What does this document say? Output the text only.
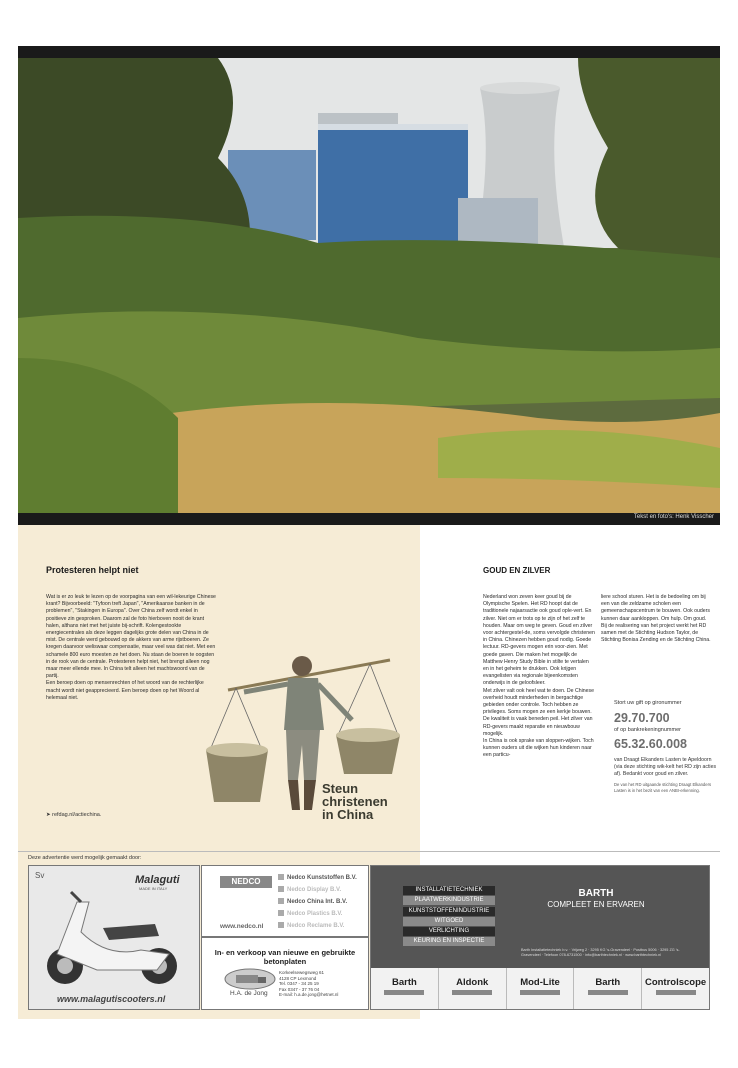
Tekst en foto's: Henk Visscher
Protesteren helpt niet

Wat is er zo leuk te lezen op de voorpagina van een wil-lekeurige Chinese krant? Bijvoorbeeld: "Tyfoon treft Japan", "Amerikaanse banken in de problemen", "Stakingen in Europa". Over China zelf wordt enkel in positieve zin gesproken. Daarom zal de foto hierboven nooit de krant halen, althans niet met het juiste bij-schrift. Kolengestookte energiecentrales als deze leggen dagelijks grote delen van China in de mist. De centrale werd gebouwd op de akkers van arme rijstboeren. Ze kregen daarvoor weliswaar compensatie, maar veel was dat niet. Met een schamele 800 euro moesten ze het doen. Nu staan de boeren te oogsten in de rook van de centrale. Protesteren helpt niet, het brengt alleen nog maar meer ellende mee. In China telt alleen het machtswoord van de partij.

Een beroep doen op mensenrechten of het woord van de rechterlijke macht wordt niet geapprecieerd. Een beroep doen op het Woord al helemaal niet.

➤ refdag.nl/actiechina.
Steun
christenen
in China
GOUD EN ZILVER
Nederland won zeven keer goud bij de Olympische Spelen. Het RD hoopt dat de traditionele najaarsactie ook goud ople-vert. En zilver. Niet om er trots op te zijn of het zelf te houden. Maar om weg te geven. Goud en zilver voor achtergestel-de, soms vervolgde christenen in China. Chinezen hebben goud nodig. Goede lectuur. RD-gevers mogen erin voor-zien. Met goede gaven. Die maken het mogelijk de Matthew Henry Study Bible in stilte te vertalen en in het geheim te drukken. Ook krijgen evangelisten via regionale bijeenkomsten onderwijs in de geloofsleer.
Met zilver valt ook heel wat te doen. De Chinese overheid houdt minderheden in bergachtige gebieden onder controle. Toch hebben ze privileges. Soms mogen ze een kerkje bouwen. De kwaliteit is vaak beneden peil. Het zilver van RD-gevers maakt reparatie en nieuwbouw mogelijk.
In China is ook sprake van sloppen-wijken. Toch kunnen ouders uit die wijken hun kinderen naar een particu-
liere school sturen. Het is de bedoeling om bij een van die zeldzame scholen een gemeenschapscentrum te bouwen. Ook ouders kunnen daar aankloppen. Om hulp. Om goud.
Bij de realisering van het project werkt het RD samen met de Stichting Hudson Taylor, de Stichting Bonisa Zending en de Stichting China.
Stort uw gift op gironummer
29.70.700
of op bankrekeningnummer
65.32.60.008
van Draagt Elkanders Lasten te Apeldoorn (via deze stichting wik-kelt het RD zijn acties af). Bedankt voor goud en zilver.
De van het RD uitgaande stichting Draagt Elkanders Lasten is in het bezit van een ANBI-erkenning.
Deze advertentie werd mogelijk gemaakt door:
Sv	Malaguti
MADE IN ITALY
www.malagutiscooters.nl
NEDCO	Nedco Kunststoffen B.V.
Nedco Display B.V.
Nedco China Int. B.V.
Nedco Plastics B.V.
Nedco Reclame B.V.
www.nedco.nl
In- en verkoop van nieuwe en gebruikte betonplaten
H.A. de Jong
Korkeelsewegsweg 61
4128 CP Lexmond
Tel. 0347 - 34 25 19
Fax 0347 - 37 76 04
E-mail: h.a.de.jong@hetnet.nl
INSTALLATIETECHNIEK
PLAATWERKINDUSTRIE
KUNSTSTOFFENINDUSTRIE
WITGOED
VERLICHTING
KEURING EN INSPECTIE
BARTH
COMPLEET EN ERVAREN
Barth Installatietechniek b.v. · Vrijweg 2 · 3295 KG 's-Gravendeel · Postbus 5006 · 3295 ZG 's-Gravendeel · Telefoon 078-6731500 · info@barthtechniek.nl · www.barthtechniek.nl
Barth	Aldonk	Mod-Lite	Barth	Controlscope
